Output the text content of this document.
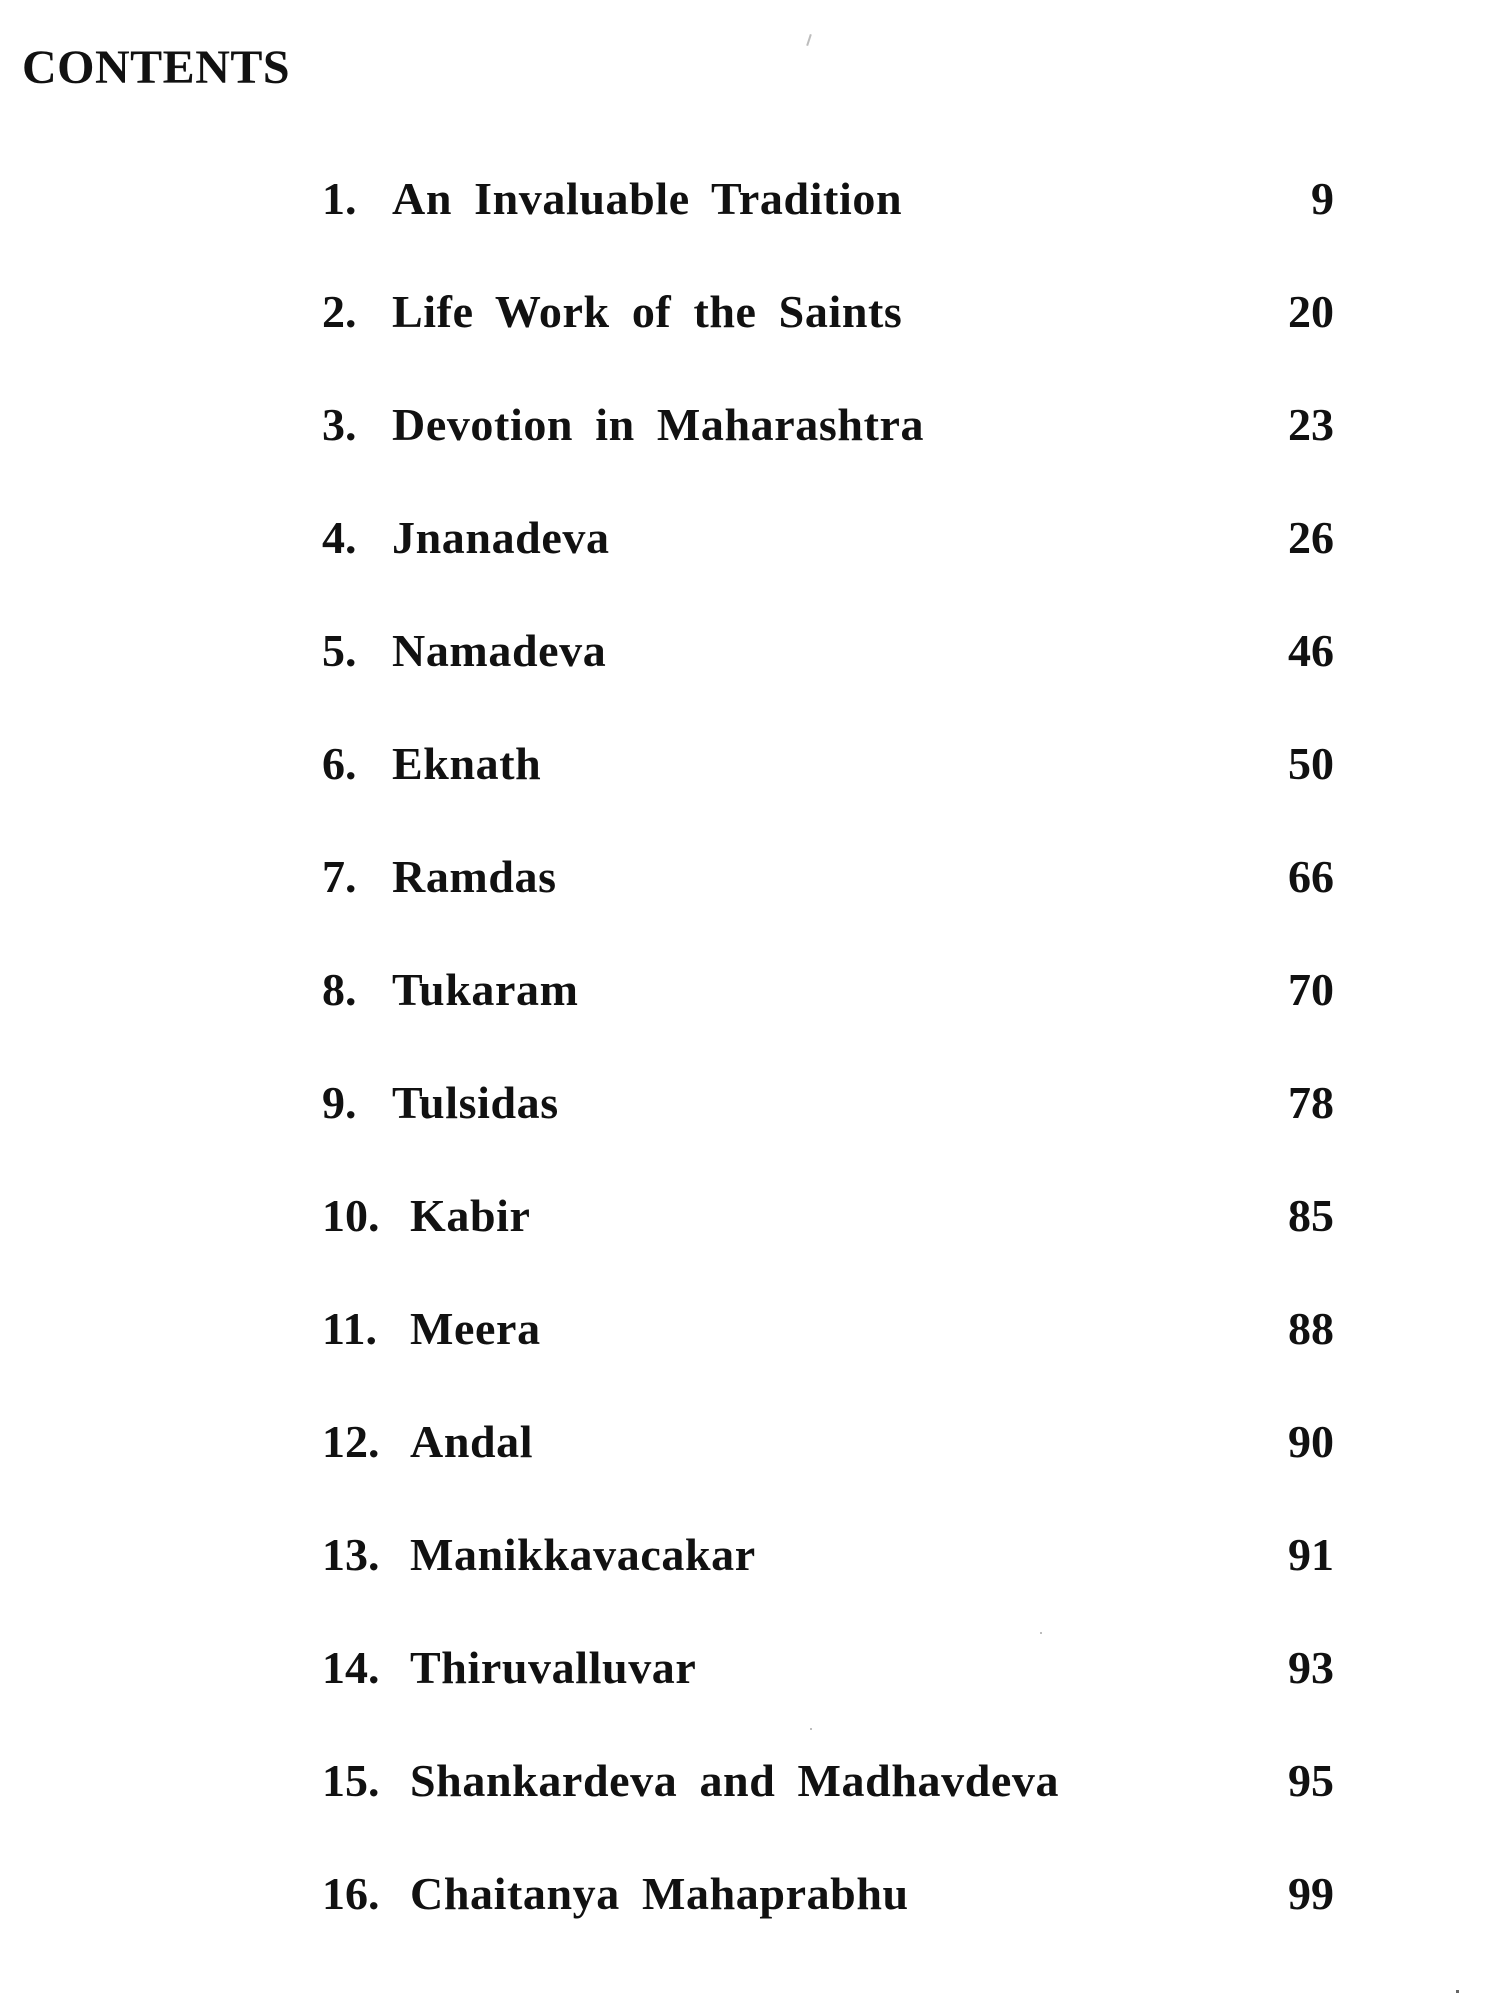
CONTENTS
1. An Invaluable Tradition	9
2. Life Work of the Saints	20
3. Devotion in Maharashtra	23
4. Jnanadeva	26
5. Namadeva	46
6. Eknath	50
7. Ramdas	66
8. Tukaram	70
9. Tulsidas	78
10. Kabir	85
11. Meera	88
12. Andal	90
13. Manikkavacakar	91
14. Thiruvalluvar	93
15. Shankardeva and Madhavdeva	95
16. Chaitanya Mahaprabhu	99
